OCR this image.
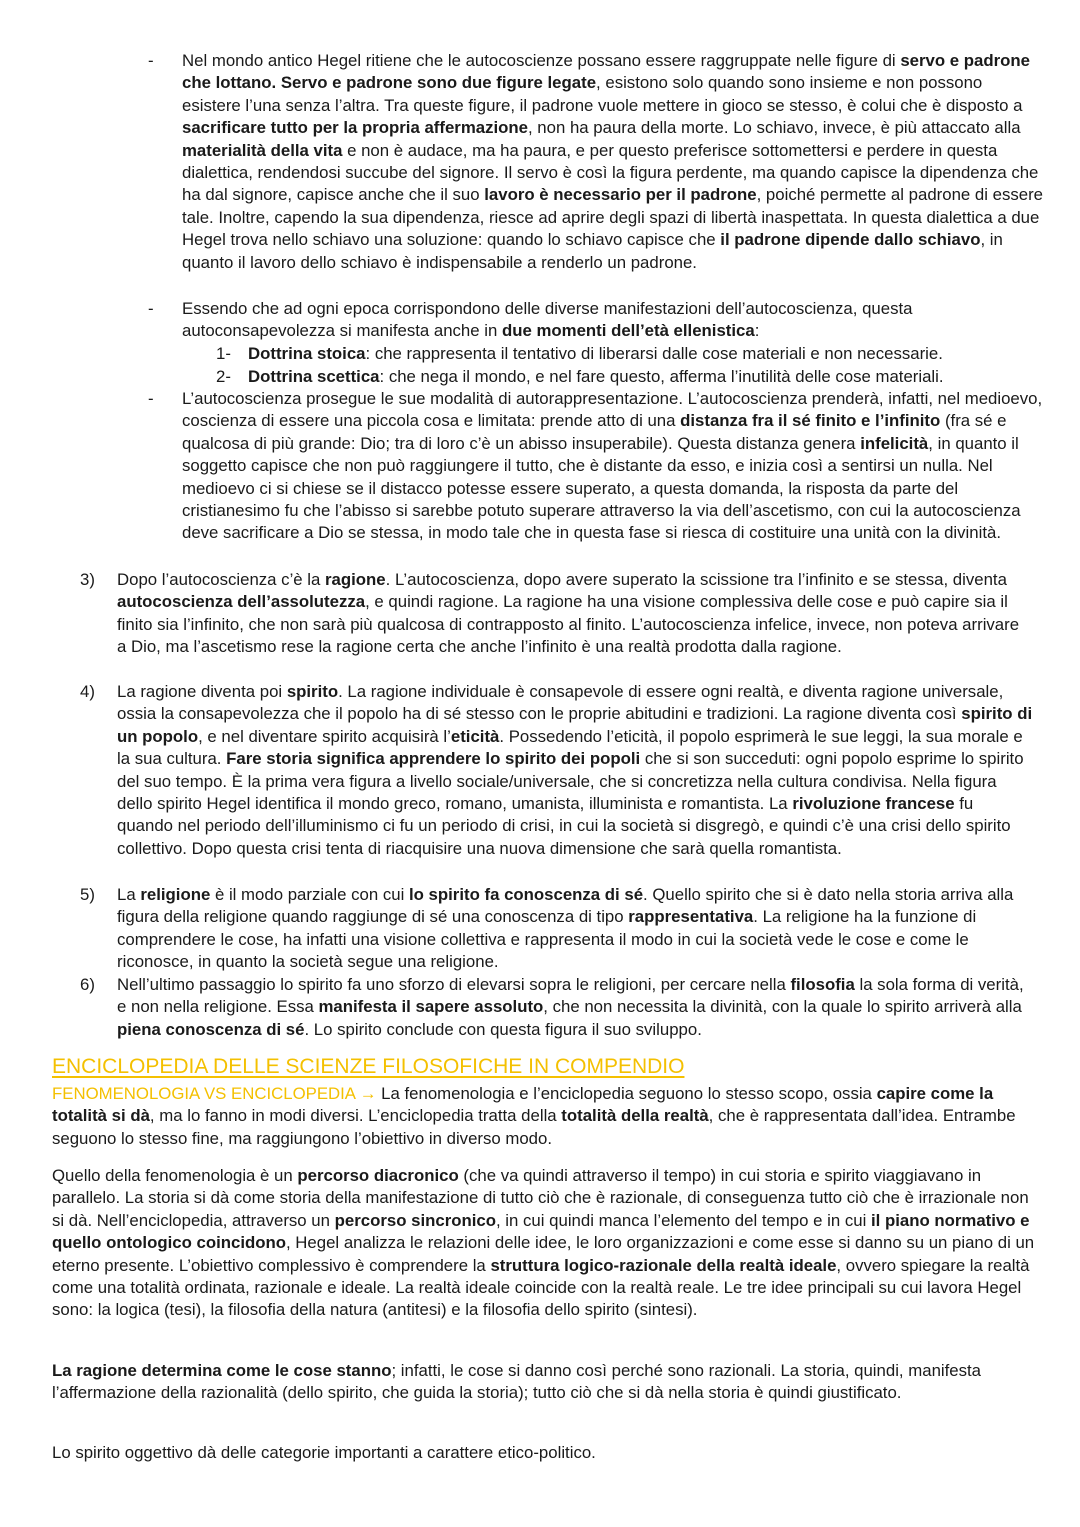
-	Nel mondo antico Hegel ritiene che le autocoscienze possano essere raggruppate nelle figure di servo e padrone che lottano. Servo e padrone sono due figure legate, esistono solo quando sono insieme e non possono esistere l’una senza l’altra. Tra queste figure, il padrone vuole mettere in gioco se stesso, è colui che è disposto a sacrificare tutto per la propria affermazione, non ha paura della morte. Lo schiavo, invece, è più attaccato alla materialità della vita e non è audace, ma ha paura, e per questo preferisce sottomettersi e perdere in questa dialettica, rendendosi succube del signore. Il servo è così la figura perdente, ma quando capisce la dipendenza che ha dal signore, capisce anche che il suo lavoro è necessario per il padrone, poiché permette al padrone di essere tale. Inoltre, capendo la sua dipendenza, riesce ad aprire degli spazi di libertà inaspettata. In questa dialettica a due Hegel trova nello schiavo una soluzione: quando lo schiavo capisce che il padrone dipende dallo schiavo, in quanto il lavoro dello schiavo è indispensabile a renderlo un padrone.

-	Essendo che ad ogni epoca corrispondono delle diverse manifestazioni dell’autocoscienza, questa autoconsapevolezza si manifesta anche in due momenti dell’età ellenistica:

1-	Dottrina stoica: che rappresenta il tentativo di liberarsi dalle cose materiali e non necessarie.

2-	Dottrina scettica: che nega il mondo, e nel fare questo, afferma l’inutilità delle cose materiali.

-	L’autocoscienza prosegue le sue modalità di autorappresentazione. L’autocoscienza prenderà, infatti, nel medioevo, coscienza di essere una piccola cosa e limitata: prende atto di una distanza fra il sé finito e l’infinito (fra sé e qualcosa di più grande: Dio; tra di loro c’è un abisso insuperabile). Questa distanza genera infelicità, in quanto il soggetto capisce che non può raggiungere il tutto, che è distante da esso, e inizia così a sentirsi un nulla. Nel medioevo ci si chiese se il distacco potesse essere superato, a questa domanda, la risposta da parte del cristianesimo fu che l’abisso si sarebbe potuto superare attraverso la via dell’ascetismo, con cui la autocoscienza deve sacrificare a Dio se stessa, in modo tale che in questa fase si riesca di costituire una unità con la divinità.

3)	Dopo l’autocoscienza c’è la ragione. L’autocoscienza, dopo avere superato la scissione tra l’infinito e se stessa, diventa autocoscienza dell’assolutezza, e quindi ragione. La ragione ha una visione complessiva delle cose e può capire sia il finito sia l’infinito, che non sarà più qualcosa di contrapposto al finito. L’autocoscienza infelice, invece, non poteva arrivare a Dio, ma l’ascetismo rese la ragione certa che anche l’infinito è una realtà prodotta dalla ragione.

4)	La ragione diventa poi spirito. La ragione individuale è consapevole di essere ogni realtà, e diventa ragione universale, ossia la consapevolezza che il popolo ha di sé stesso con le proprie abitudini e tradizioni. La ragione diventa così spirito di un popolo, e nel diventare spirito acquisirà l’eticità. Possedendo l’eticità, il popolo esprimerà le sue leggi, la sua morale e la sua cultura. Fare storia significa apprendere lo spirito dei popoli che si son succeduti: ogni popolo esprime lo spirito del suo tempo. È la prima vera figura a livello sociale/universale, che si concretizza nella cultura condivisa. Nella figura dello spirito Hegel identifica il mondo greco, romano, umanista, illuminista e romantista. La rivoluzione francese fu quando nel periodo dell’illuminismo ci fu un periodo di crisi, in cui la società si disgregò, e quindi c’è una crisi dello spirito collettivo. Dopo questa crisi tenta di riacquisire una nuova dimensione che sarà quella romantista.

5)	La religione è il modo parziale con cui lo spirito fa conoscenza di sé. Quello spirito che si è dato nella storia arriva alla figura della religione quando raggiunge di sé una conoscenza di tipo rappresentativa. La religione ha la funzione di comprendere le cose, ha infatti una visione collettiva e rappresenta il modo in cui la società vede le cose e come le riconosce, in quanto la società segue una religione.

6)	Nell’ultimo passaggio lo spirito fa uno sforzo di elevarsi sopra le religioni, per cercare nella filosofia la sola forma di verità, e non nella religione. Essa manifesta il sapere assoluto, che non necessita la divinità, con la quale lo spirito arriverà alla piena conoscenza di sé. Lo spirito conclude con questa figura il suo sviluppo.

ENCICLOPEDIA DELLE SCIENZE FILOSOFICHE IN COMPENDIO

FENOMENOLOGIA VS ENCICLOPEDIA → La fenomenologia e l’enciclopedia seguono lo stesso scopo, ossia capire come la totalità si dà, ma lo fanno in modi diversi. L’enciclopedia tratta della totalità della realtà, che è rappresentata dall’idea. Entrambe seguono lo stesso fine, ma raggiungono l’obiettivo in diverso modo.

Quello della fenomenologia è un percorso diacronico (che va quindi attraverso il tempo) in cui storia e spirito viaggiavano in parallelo. La storia si dà come storia della manifestazione di tutto ciò che è razionale, di conseguenza tutto ciò che è irrazionale non si dà. Nell’enciclopedia, attraverso un percorso sincronico, in cui quindi manca l’elemento del tempo e in cui il piano normativo e quello ontologico coincidono, Hegel analizza le relazioni delle idee, le loro organizzazioni e come esse si danno su un piano di un eterno presente. L’obiettivo complessivo è comprendere la struttura logico-razionale della realtà ideale, ovvero spiegare la realtà come una totalità ordinata, razionale e ideale. La realtà ideale coincide con la realtà reale. Le tre idee principali su cui lavora Hegel sono: la logica (tesi), la filosofia della natura (antitesi) e la filosofia dello spirito (sintesi).

La ragione determina come le cose stanno; infatti, le cose si danno così perché sono razionali. La storia, quindi, manifesta l’affermazione della razionalità (dello spirito, che guida la storia); tutto ciò che si dà nella storia è quindi giustificato.

Lo spirito oggettivo dà delle categorie importanti a carattere etico-politico.
